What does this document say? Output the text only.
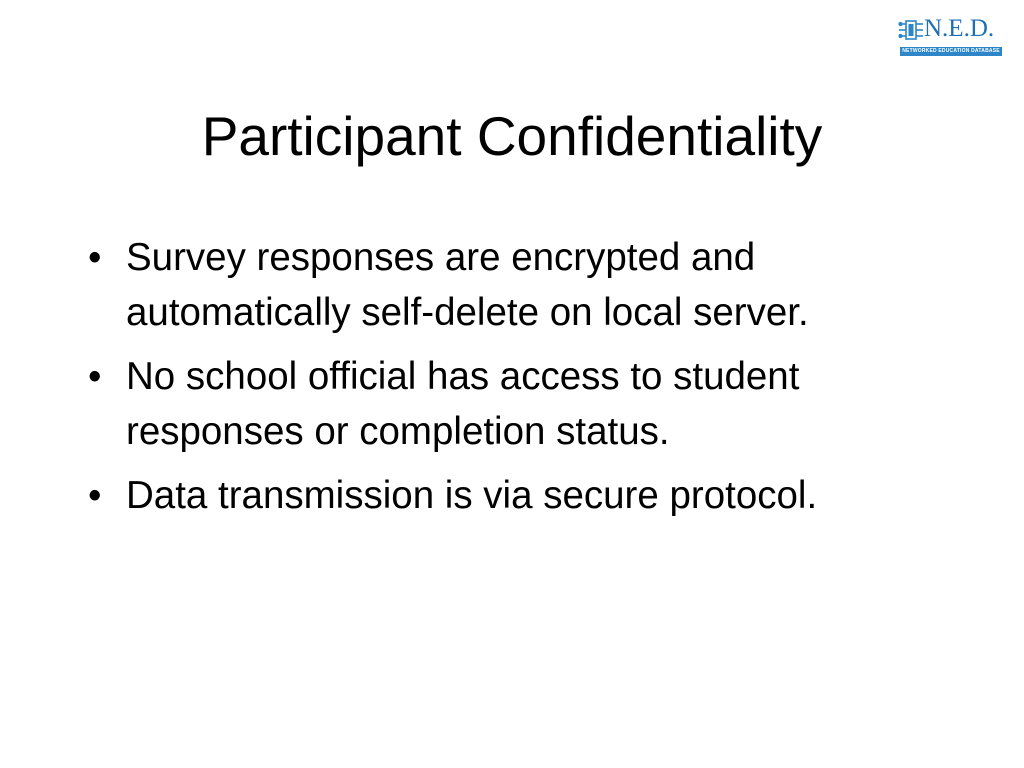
N.E.D.
NETWORKED EDUCATION DATABASE
Participant Confidentiality
• Survey responses are encrypted and automatically self-delete on local server.
• No school official has access to student responses or completion status.
• Data transmission is via secure protocol.
